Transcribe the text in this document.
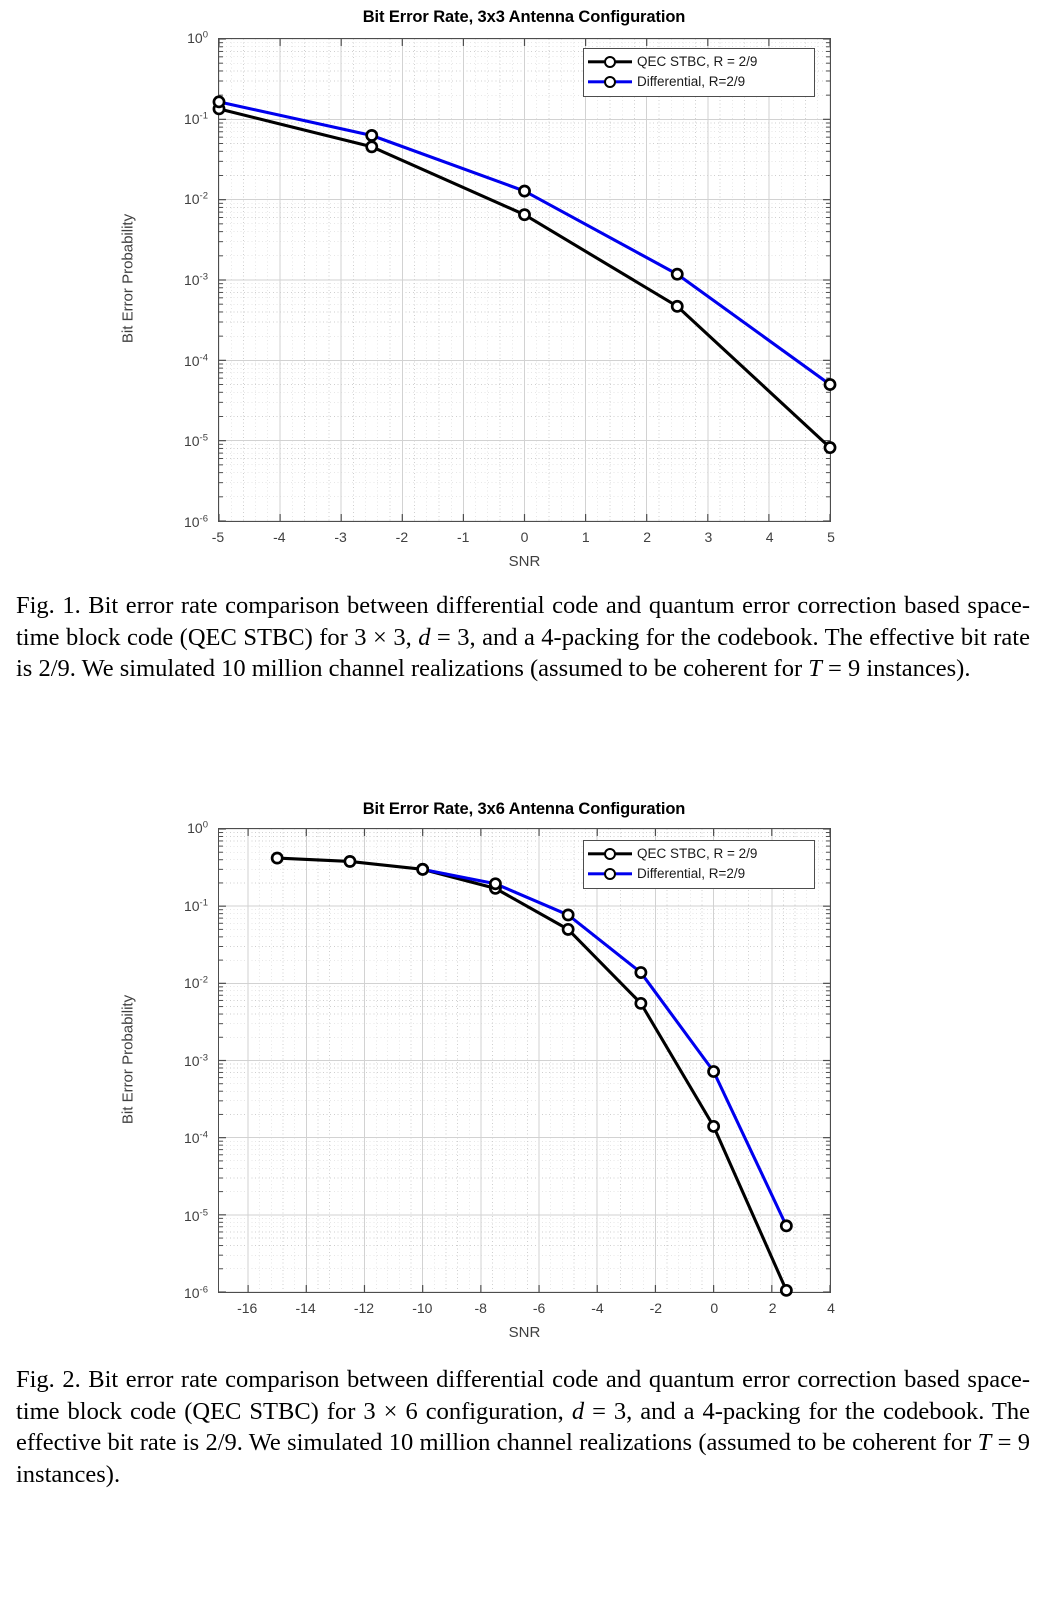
Bit Error Rate, 3x3 Antenna Configuration
$10^0$
$10^{-1}$
$10^{-2}$
$10^{-3}$
$10^{-4}$
$10^{-5}$
$10^{-6}$
-5	-4	-3	-2	-1	0	1	2	3	4	5
Bit Error Probability
SNR
QEC STBC, R = 2/9
Differential, R=2/9
Fig. 1. Bit error rate comparison between differential code and quantum error correction based space-time block code (QEC STBC) for 3 × 3, d = 3, and a 4-packing for the codebook. The effective bit rate is 2/9. We simulated 10 million channel realizations (assumed to be coherent for T = 9 instances).
Bit Error Rate, 3x6 Antenna Configuration
$10^0$
$10^{-1}$
$10^{-2}$
$10^{-3}$
$10^{-4}$
$10^{-5}$
$10^{-6}$
-16	-14	-12	-10	-8	-6	-4	-2	0	2	4
Bit Error Probability
SNR
QEC STBC, R = 2/9
Differential, R=2/9
Fig. 2. Bit error rate comparison between differential code and quantum error correction based space-time block code (QEC STBC) for 3 × 6 configuration, d = 3, and a 4-packing for the codebook. The effective bit rate is 2/9. We simulated 10 million channel realizations (assumed to be coherent for T = 9 instances).
